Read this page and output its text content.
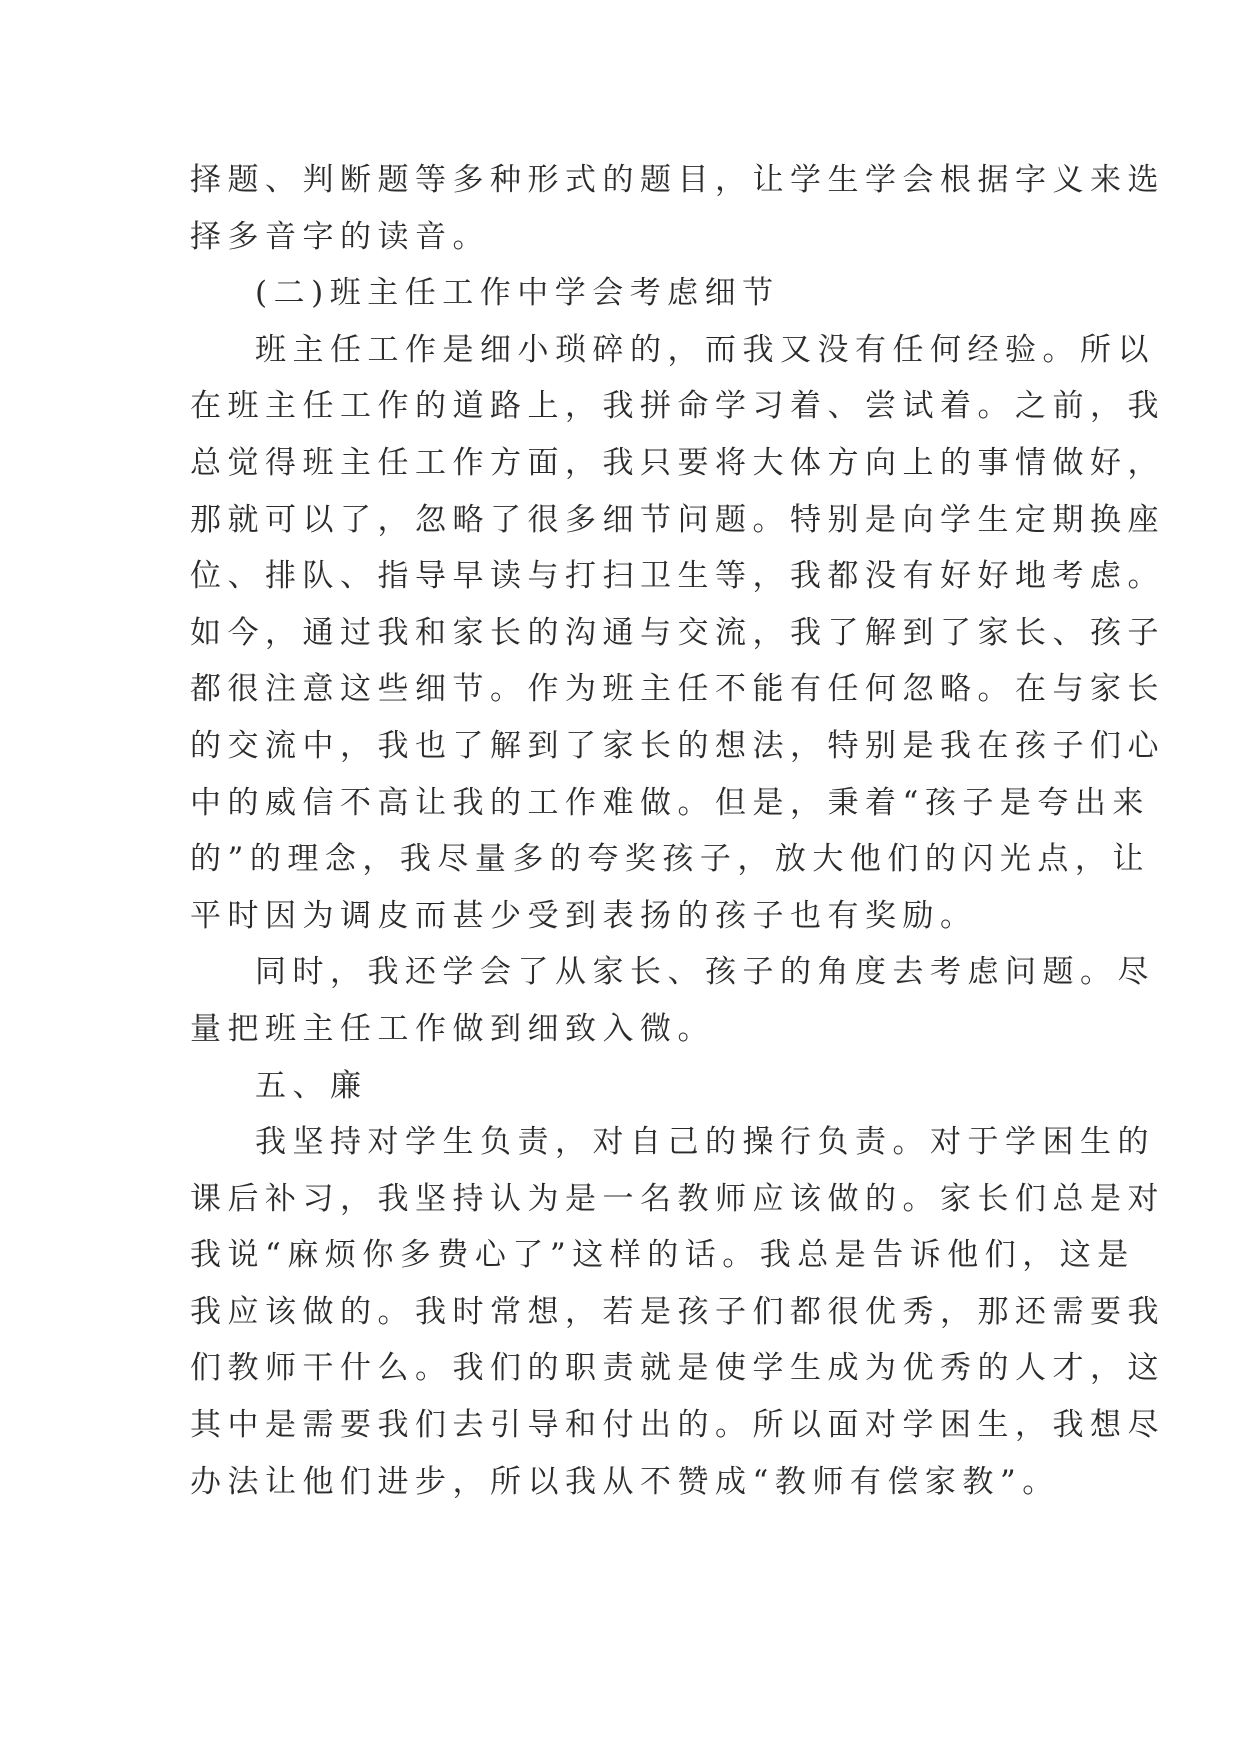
择题、判断题等多种形式的题目，让学生学会根据字义来选
择多音字的读音。
(二)班主任工作中学会考虑细节
班主任工作是细小琐碎的，而我又没有任何经验。所以
在班主任工作的道路上，我拼命学习着、尝试着。之前，我
总觉得班主任工作方面，我只要将大体方向上的事情做好，
那就可以了，忽略了很多细节问题。特别是向学生定期换座
位、排队、指导早读与打扫卫生等，我都没有好好地考虑。
如今，通过我和家长的沟通与交流，我了解到了家长、孩子
都很注意这些细节。作为班主任不能有任何忽略。在与家长
的交流中，我也了解到了家长的想法，特别是我在孩子们心
中的威信不高让我的工作难做。但是，秉着“孩子是夸出来
的”的理念，我尽量多的夸奖孩子，放大他们的闪光点，让
平时因为调皮而甚少受到表扬的孩子也有奖励。
同时，我还学会了从家长、孩子的角度去考虑问题。尽
量把班主任工作做到细致入微。
五、廉
我坚持对学生负责，对自己的操行负责。对于学困生的
课后补习，我坚持认为是一名教师应该做的。家长们总是对
我说“麻烦你多费心了”这样的话。我总是告诉他们，这是
我应该做的。我时常想，若是孩子们都很优秀，那还需要我
们教师干什么。我们的职责就是使学生成为优秀的人才，这
其中是需要我们去引导和付出的。所以面对学困生，我想尽
办法让他们进步，所以我从不赞成“教师有偿家教”。
